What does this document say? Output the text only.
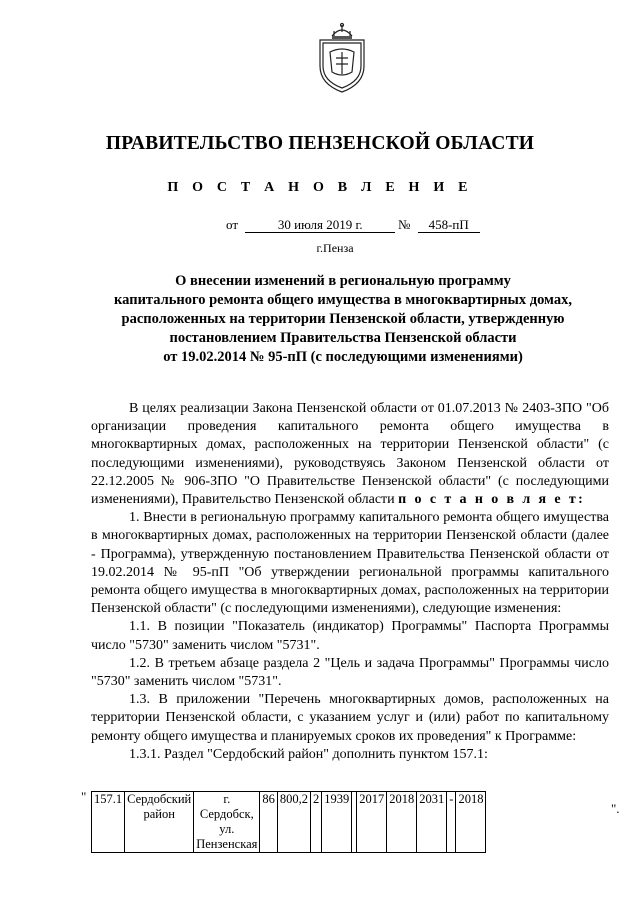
ПРАВИТЕЛЬСТВО ПЕНЗЕНСКОЙ ОБЛАСТИ
П О С Т А Н О В Л Е Н И Е
от	30 июля 2019 г.	№ 458-пП
г.Пенза
О внесении изменений в региональную программу
капитального ремонта общего имущества в многоквартирных домах,
расположенных на территории Пензенской области, утвержденную
постановлением Правительства Пензенской области
от 19.02.2014 № 95-пП (с последующими изменениями)

В целях реализации Закона Пензенской области от 01.07.2013 № 2403-ЗПО "Об организации проведения капитального ремонта общего имущества в многоквартирных домах, расположенных на территории Пензенской области" (с последующими изменениями), руководствуясь Законом Пензенской области от 22.12.2005 № 906-ЗПО "О Правительстве Пензенской области" (с последующими изменениями), Правительство Пензенской области п о с т а н о в л я е т:

1. Внести в региональную программу капитального ремонта общего имущества в многоквартирных домах, расположенных на территории Пензенской области (далее - Программа), утвержденную постановлением Правительства Пензенской области от 19.02.2014 № 95-пП "Об утверждении региональной программы капитального ремонта общего имущества в многоквартирных домах, расположенных на территории Пензенской области" (с последующими изменениями), следующие изменения:

1.1. В позиции "Показатель (индикатор) Программы" Паспорта Программы число "5730" заменить числом "5731".

1.2. В третьем абзаце раздела 2 "Цель и задача Программы" Программы число "5730" заменить числом "5731".

1.3. В приложении "Перечень многоквартирных домов, расположенных на территории Пензенской области, с указанием услуг и (или) работ по капитальному ремонту общего имущества и планируемых сроков их проведения" к Программе:

1.3.1. Раздел "Сердобский район" дополнить пунктом 157.1:

" 157.1	Сердобский район	г. Сердобск, ул. Пензенская	86	800,2	2	1939		2017	2018	2031	-	2018
".
